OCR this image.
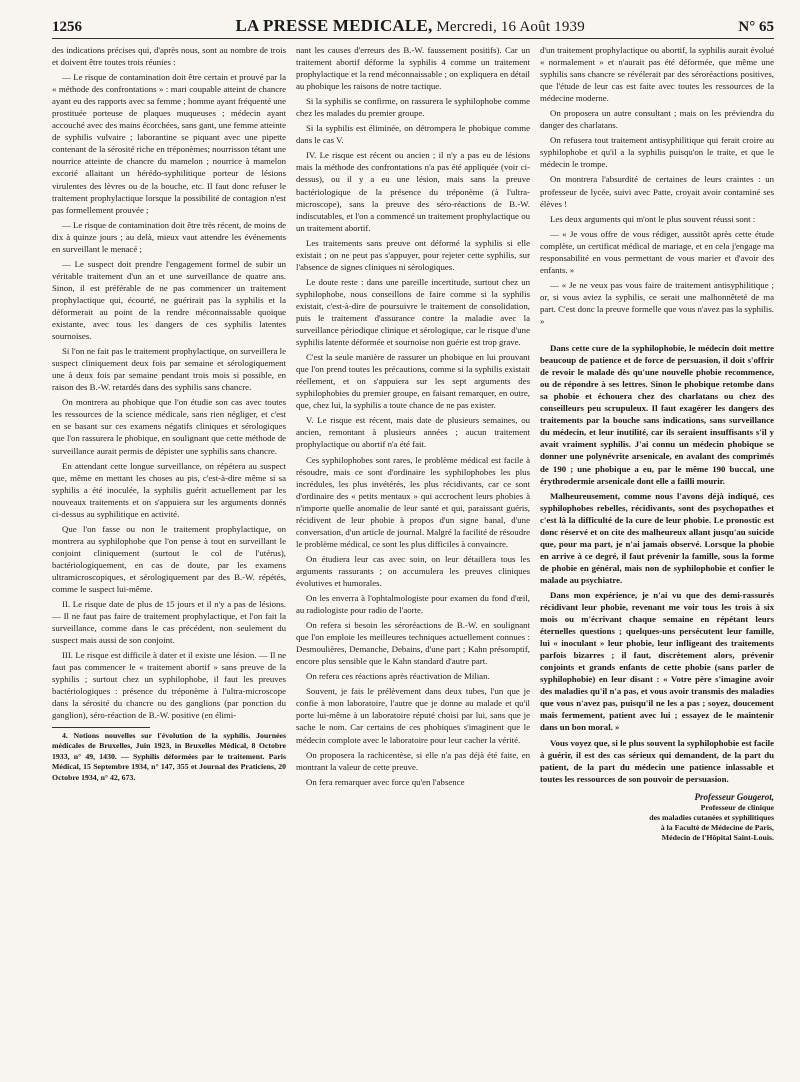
1256	LA PRESSE MEDICALE, Mercredi, 16 Août 1939	N° 65

des indications précises qui, d'après nous, sont au nombre de trois et doivent être toutes trois réunies :

— Le risque de contamination doit être certain et prouvé par la « méthode des confrontations » : mari coupable atteint de chancre ayant eu des rapports avec sa femme ; homme ayant fréquenté une prostituée porteuse de plaques muqueuses ; médecin ayant accouché avec des mains écorchées, sans gant, une femme atteinte de syphilis vulvaire ; laborantine se piquant avec une pipette contenant de la sérosité riche en tréponèmes; nourrisson tétant une nourrice atteinte de chancre du mamelon ; nourrice à mamelon excorié allaitant un hérédo-syphilitique porteur de lésions virulentes des lèvres ou de la bouche, etc. Il faut donc refuser le traitement prophylactique lorsque la possibilité de contagion n'est pas formellement prouvée ;

— Le risque de contamination doit être très récent, de moins de dix à quinze jours ; au delà, mieux vaut attendre les événements en surveillant le menacé ;

— Le suspect doit prendre l'engagement formel de subir un véritable traitement d'un an et une surveillance de quatre ans. Sinon, il est préférable de ne pas commencer un traitement prophylactique qui, écourté, ne guérirait pas la syphilis et la déformerait au point de la rendre méconnaissable quoique existante, avec tous les dangers de ces syphilis latentes sournoises.

Si l'on ne fait pas le traitement prophylactique, on surveillera le suspect cliniquement deux fois par semaine et sérologiquement une à deux fois par semaine pendant trois mois si possible, en raison des B.-W. retardés dans des syphilis sans chancre.

On montrera au phobique que l'on étudie son cas avec toutes les ressources de la science médicale, sans rien négliger, et c'est en se basant sur ces examens négatifs cliniques et sérologiques que l'on rassurera le phobique, en soulignant que cette méthode de surveillance aurait permis de dépister une syphilis sans chancre.

En attendant cette longue surveillance, on répétera au suspect que, même en mettant les choses au pis, c'est-à-dire même si sa syphilis a été inoculée, la syphilis guérit actuellement par les nouveaux traitements et on s'appuiera sur les arguments donnés ci-dessus au syphilitique en activité.

Que l'on fasse ou non le traitement prophylactique, on montrera au syphilophobe que l'on pense à tout en surveillant le conjoint cliniquement (surtout le col de l'utérus), bactériologiquement, en cas de doute, par les examens ultramicroscopiques, et sérologiquement par des B.-W. répétés, comme le suspect lui-même.

II. Le risque date de plus de 15 jours et il n'y a pas de lésions. — Il ne faut pas faire de traitement prophylactique, et l'on fait la surveillance, comme dans le cas précédent, non seulement du suspect mais aussi de son conjoint.

III. Le risque est difficile à dater et il existe une lésion. — Il ne faut pas commencer le « traitement abortif » sans preuve de la syphilis ; surtout chez un syphilophobe, il faut les preuves bactériologiques : présence du tréponème à l'ultra-microscope dans la sérosité du chancre ou des ganglions (par ponction du ganglion), séro-réaction de B.-W. positive (en élimi-

4. Notions nouvelles sur l'évolution de la syphilis. Journées médicales de Bruxelles, Juin 1923, in Bruxelles Médical, 8 Octobre 1933, n° 49, 1430. — Syphilis déformées par le traitement. Paris Médical, 15 Septembre 1934, n° 147, 355 et Journal des Praticiens, 20 Octobre 1934, n° 42, 673.

nant les causes d'erreurs des B.-W. faussement positifs). Car un traitement abortif déforme la syphilis 4 comme un traitement prophylactique et la rend méconnaissable ; on expliquera en détail au phobique les raisons de notre tactique.

Si la syphilis se confirme, on rassurera le syphilophobe comme chez les malades du premier groupe.

Si la syphilis est éliminée, on détrompera le phobique comme dans le cas V.

IV. Le risque est récent ou ancien ; il n'y a pas eu de lésions mais la méthode des confrontations n'a pas été appliquée (voir ci-dessus), ou il y a eu une lésion, mais sans la preuve bactériologique de la présence du tréponème (à l'ultra-microscope), sans la preuve des séro-réactions de B.-W. indiscutables, et l'on a commencé un traitement prophylactique ou un traitement abortif.

Les traitements sans preuve ont déformé la syphilis si elle existait ; on ne peut pas s'appuyer, pour rejeter cette syphilis, sur l'absence de signes cliniques ni sérologiques.

Le doute reste : dans une pareille incertitude, surtout chez un syphilophobe, nous conseillons de faire comme si la syphilis existait, c'est-à-dire de poursuivre le traitement de consolidation, puis le traitement d'assurance contre la maladie avec la surveillance périodique clinique et sérologique, car le risque d'une syphilis latente déformée et sournoise non guérie est trop grave.

C'est la seule manière de rassurer un phobique en lui prouvant que l'on prend toutes les précautions, comme si la syphilis existait réellement, et on s'appuiera sur les sept arguments des syphilophobies du premier groupe, en faisant remarquer, en outre, que, chez lui, la syphilis a toute chance de ne pas exister.

V. Le risque est récent, mais date de plusieurs semaines, ou ancien, remontant à plusieurs années ; aucun traitement prophylactique ou abortif n'a été fait.

Ces syphilophobes sont rares, le problème médical est facile à résoudre, mais ce sont d'ordinaire les syphilophobes les plus incrédules, les plus invétérés, les plus récidivants, car ce sont d'ordinaire des « petits mentaux » qui accrochent leurs phobies à n'importe quelle anomalie de leur santé et qui, paraissant guéris, récidivent de leur phobie à propos d'un signe banal, d'une conversation, d'un article de journal. Malgré la facilité de résoudre le problème médical, ce sont les plus difficiles à convaincre.

On étudiera leur cas avec soin, on leur détaillera tous les arguments rassurants ; on accumulera les preuves cliniques évolutives et humorales.

On les enverra à l'ophtalmologiste pour examen du fond d'œil, au radiologiste pour radio de l'aorte.

On refera si besoin les séroréactions de B.-W. en soulignant que l'on emploie les meilleures techniques actuellement connues : Desmoulières, Demanche, Debains, d'une part ; Kahn présomptif, encore plus sensible que le Kahn standard d'autre part.

On refera ces réactions après réactivation de Milian.

Souvent, je fais le prélèvement dans deux tubes, l'un que je confie à mon laboratoire, l'autre que je donne au malade et qu'il porte lui-même à un laboratoire réputé choisi par lui, sans que je sache le nom. Car certains de ces phobiques s'imaginent que le médecin complote avec le laboratoire pour leur cacher la vérité.

On proposera la rachicentèse, si elle n'a pas déjà été faite, en montrant la valeur de cette preuve.

On fera remarquer avec force qu'en l'absence

d'un traitement prophylactique ou abortif, la syphilis aurait évolué « normalement » et n'aurait pas été déformée, que même une syphilis sans chancre se révélerait par des séroréactions positives, que l'étude de leur cas est faite avec toutes les ressources de la médecine moderne.

On proposera un autre consultant ; mais on les préviendra du danger des charlatans.

On refusera tout traitement antisyphilitique qui ferait croire au syphilophobe et qu'il a la syphilis puisqu'on le traite, et que le médecin le trompe.

On montrera l'absurdité de certaines de leurs craintes : un professeur de lycée, suivi avec Patte, croyait avoir contaminé ses élèves !

Les deux arguments qui m'ont le plus souvent réussi sont :

— « Je vous offre de vous rédiger, aussitôt après cette étude complète, un certificat médical de mariage, et en cela j'engage ma responsabilité en vous permettant de vous marier et d'avoir des enfants. »

— « Je ne veux pas vous faire de traitement antisyphilitique ; or, si vous aviez la syphilis, ce serait une malhonnêteté de ma part. C'est donc la preuve formelle que vous n'avez pas la syphilis. »

Dans cette cure de la syphilophobie, le médecin doit mettre beaucoup de patience et de force de persuasion, il doit s'offrir de revoir le malade dès qu'une nouvelle phobie recommence, ou de répondre à ses lettres. Sinon le phobique retombe dans sa phobie et échouera chez des charlatans ou chez des conseilleurs peu scrupuleux. Il faut exagérer les dangers des traitements par la bouche sans indications, sans surveillance du médecin, et leur inutilité, car ils seraient insuffisants s'il y avait vraiment syphilis. J'ai connu un médecin phobique se donner une polynévrite arsenicale, en avalant des comprimés de 190 ; une phobique a eu, par le même 190 buccal, une érythrodermie arsenicale dont elle a failli mourir.

Malheureusement, comme nous l'avons déjà indiqué, ces syphilophobes rebelles, récidivants, sont des psychopathes et c'est là la difficulté de la cure de leur phobie. Le pronostic est donc réservé et on cite des malheureux allant jusqu'au suicide que, pour ma part, je n'ai jamais observé. Lorsque la phobie en arrive à ce degré, il faut prévenir la famille, sous la forme de phobie en général, mais non de syphilophobie et confier le malade au psychiatre.

Dans mon expérience, je n'ai vu que des demi-rassurés récidivant leur phobie, revenant me voir tous les trois à six mois ou m'écrivant chaque semaine en répétant leurs éternelles questions ; quelques-uns persécutent leur famille, lui « inoculant » leur phobie, leur infligeant des traitements parfois bizarres ; il faut, discrètement alors, prévenir conjoints et grands enfants de cette phobie (sans parler de syphilophobie) en leur disant : « Votre père s'imagine avoir des maladies qu'il n'a pas, et vous avoir transmis des maladies que vous n'avez pas, puisqu'il ne les a pas ; soyez, doucement mais fermement, patient avec lui ; essayez de le maintenir dans un bon moral. »

Vous voyez que, si le plus souvent la syphilophobie est facile à guérir, il est des cas sérieux qui demandent, de la part du patient, de la part du médecin une patience inlassable et toutes les ressources de son pouvoir de persuasion.

Professeur Gougerot,
Professeur de clinique
des maladies cutanées et syphilitiques
à la Faculté de Médecine de Paris,
Médecin de l'Hôpital Saint-Louis.
